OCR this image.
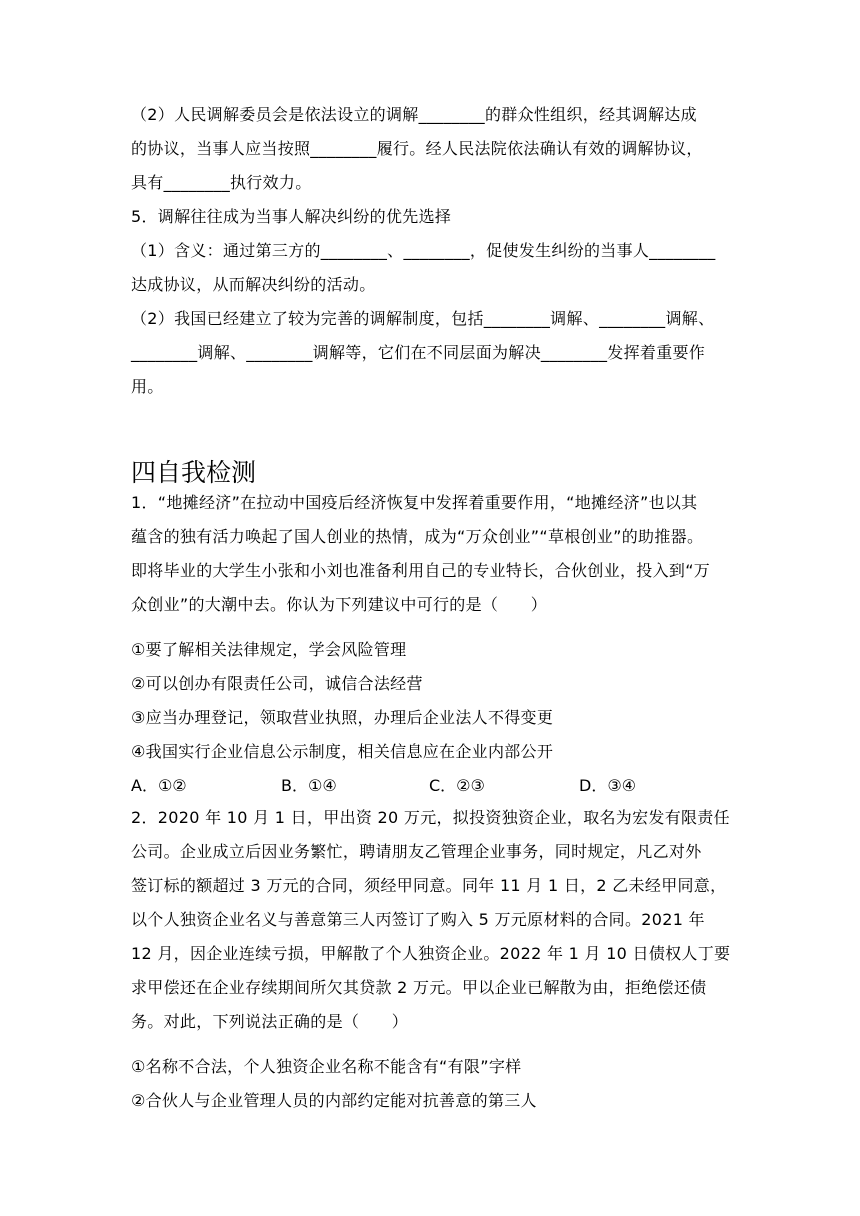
（2）人民调解委员会是依法设立的调解________的群众性组织，经其调解达成
的协议，当事人应当按照________履行。经人民法院依法确认有效的调解协议，
具有________执行效力。
5．调解往往成为当事人解决纠纷的优先选择
（1）含义：通过第三方的________、________，促使发生纠纷的当事人________
达成协议，从而解决纠纷的活动。
（2）我国已经建立了较为完善的调解制度，包括________调解、________调解、
________调解、________调解等，它们在不同层面为解决________发挥着重要作
用。
四自我检测
1．“地摊经济”在拉动中国疫后经济恢复中发挥着重要作用，“地摊经济”也以其
蕴含的独有活力唤起了国人创业的热情，成为“万众创业”“草根创业”的助推器。
即将毕业的大学生小张和小刘也准备利用自己的专业特长，合伙创业，投入到“万
众创业”的大潮中去。你认为下列建议中可行的是（　　）
①要了解相关法律规定，学会风险管理
②可以创办有限责任公司，诚信合法经营
③应当办理登记，领取营业执照，办理后企业法人不得变更
④我国实行企业信息公示制度，相关信息应在企业内部公开
A．①②	B．①④	C．②③	D．③④
2．2020 年 10 月 1 日，甲出资 20 万元，拟投资独资企业，取名为宏发有限责任
公司。企业成立后因业务繁忙，聘请朋友乙管理企业事务，同时规定，凡乙对外
签订标的额超过 3 万元的合同，须经甲同意。同年 11 月 1 日，2 乙未经甲同意，
以个人独资企业名义与善意第三人丙签订了购入 5 万元原材料的合同。2021 年
12 月，因企业连续亏损，甲解散了个人独资企业。2022 年 1 月 10 日债权人丁要
求甲偿还在企业存续期间所欠其贷款 2 万元。甲以企业已解散为由，拒绝偿还债
务。对此，下列说法正确的是（　　）
①名称不合法，个人独资企业名称不能含有“有限”字样
②合伙人与企业管理人员的内部约定能对抗善意的第三人
